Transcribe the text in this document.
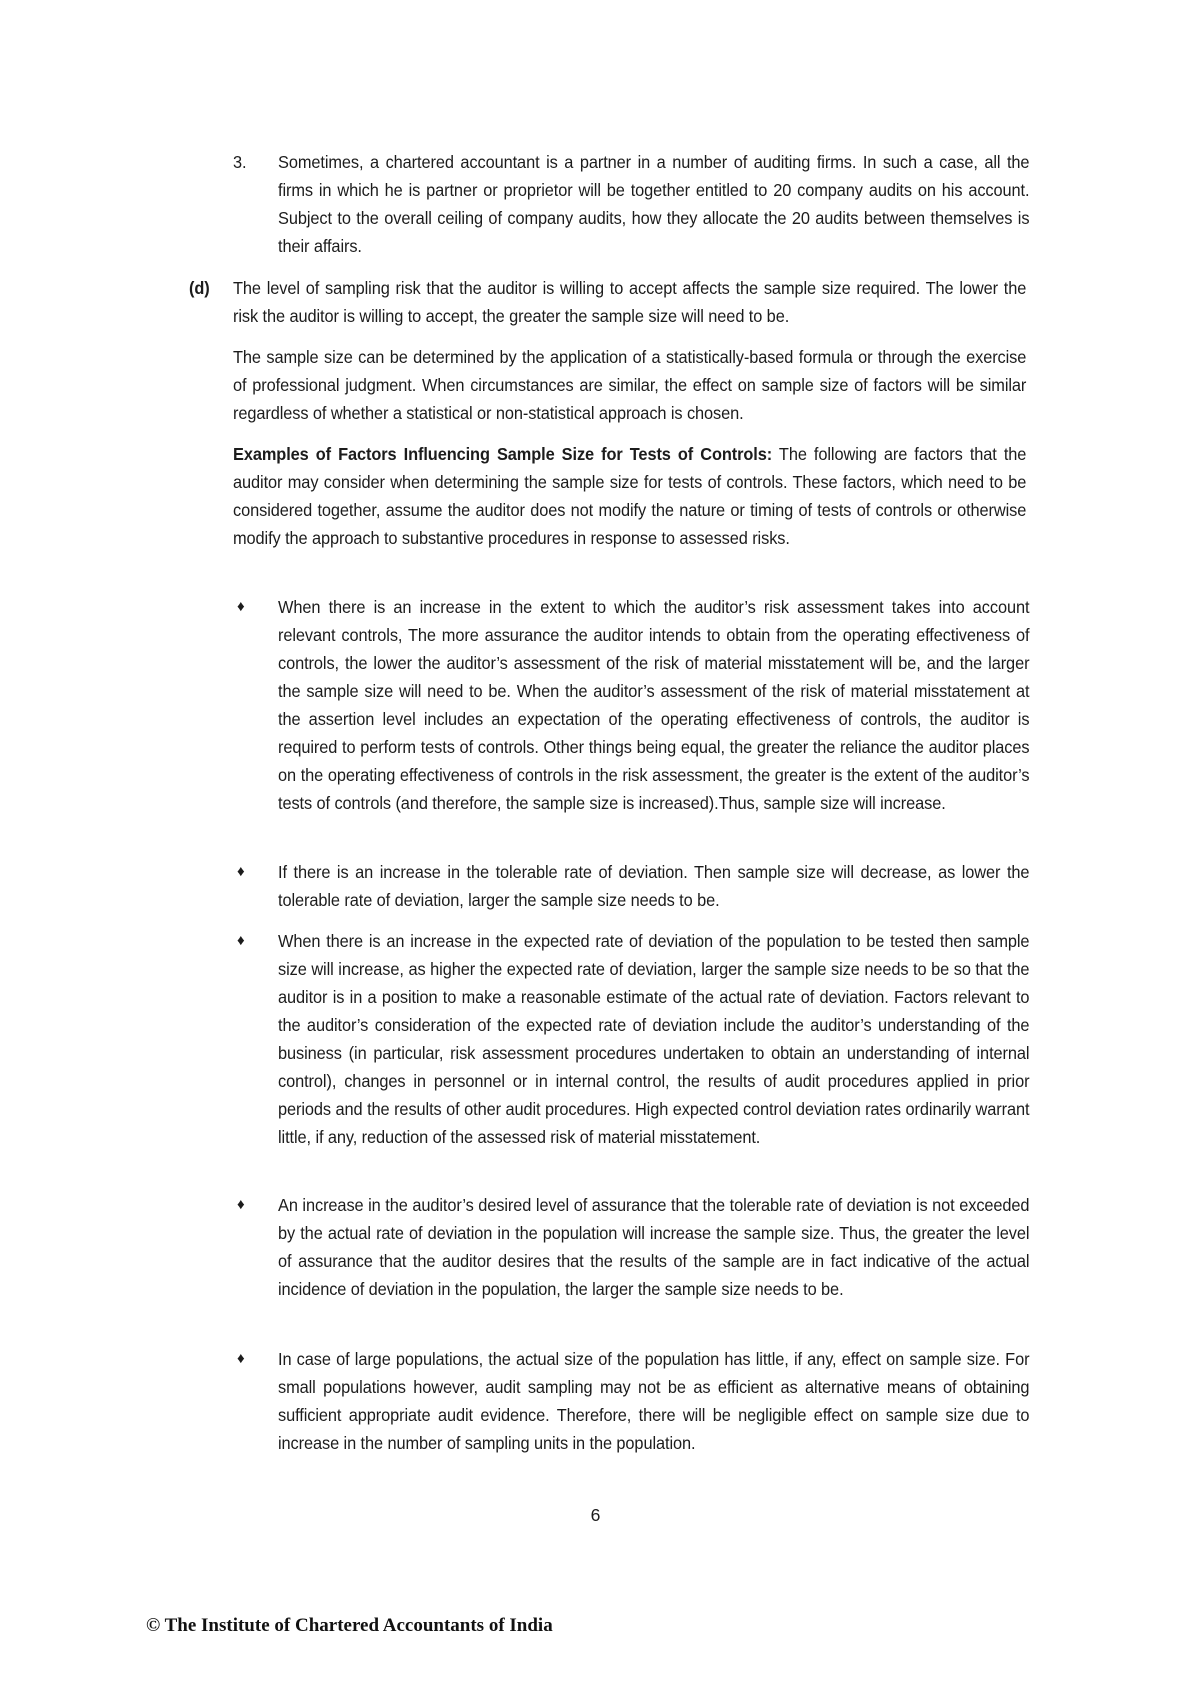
3. Sometimes, a chartered accountant is a partner in a number of auditing firms. In such a case, all the firms in which he is partner or proprietor will be together entitled to 20 company audits on his account. Subject to the overall ceiling of company audits, how they allocate the 20 audits between themselves is their affairs.
(d) The level of sampling risk that the auditor is willing to accept affects the sample size required. The lower the risk the auditor is willing to accept, the greater the sample size will need to be.
The sample size can be determined by the application of a statistically-based formula or through the exercise of professional judgment. When circumstances are similar, the effect on sample size of factors will be similar regardless of whether a statistical or non-statistical approach is chosen.
Examples of Factors Influencing Sample Size for Tests of Controls: The following are factors that the auditor may consider when determining the sample size for tests of controls. These factors, which need to be considered together, assume the auditor does not modify the nature or timing of tests of controls or otherwise modify the approach to substantive procedures in response to assessed risks.
♦ When there is an increase in the extent to which the auditor’s risk assessment takes into account relevant controls, The more assurance the auditor intends to obtain from the operating effectiveness of controls, the lower the auditor’s assessment of the risk of material misstatement will be, and the larger the sample size will need to be. When the auditor’s assessment of the risk of material misstatement at the assertion level includes an expectation of the operating effectiveness of controls, the auditor is required to perform tests of controls. Other things being equal, the greater the reliance the auditor places on the operating effectiveness of controls in the risk assessment, the greater is the extent of the auditor’s tests of controls (and therefore, the sample size is increased).Thus, sample size will increase.
♦ If there is an increase in the tolerable rate of deviation. Then sample size will decrease, as lower the tolerable rate of deviation, larger the sample size needs to be.
♦ When there is an increase in the expected rate of deviation of the population to be tested then sample size will increase, as higher the expected rate of deviation, larger the sample size needs to be so that the auditor is in a position to make a reasonable estimate of the actual rate of deviation. Factors relevant to the auditor’s consideration of the expected rate of deviation include the auditor’s understanding of the business (in particular, risk assessment procedures undertaken to obtain an understanding of internal control), changes in personnel or in internal control, the results of audit procedures applied in prior periods and the results of other audit procedures. High expected control deviation rates ordinarily warrant little, if any, reduction of the assessed risk of material misstatement.
♦ An increase in the auditor’s desired level of assurance that the tolerable rate of deviation is not exceeded by the actual rate of deviation in the population will increase the sample size. Thus, the greater the level of assurance that the auditor desires that the results of the sample are in fact indicative of the actual incidence of deviation in the population, the larger the sample size needs to be.
♦ In case of large populations, the actual size of the population has little, if any, effect on sample size. For small populations however, audit sampling may not be as efficient as alternative means of obtaining sufficient appropriate audit evidence. Therefore, there will be negligible effect on sample size due to increase in the number of sampling units in the population.
6
© The Institute of Chartered Accountants of India
